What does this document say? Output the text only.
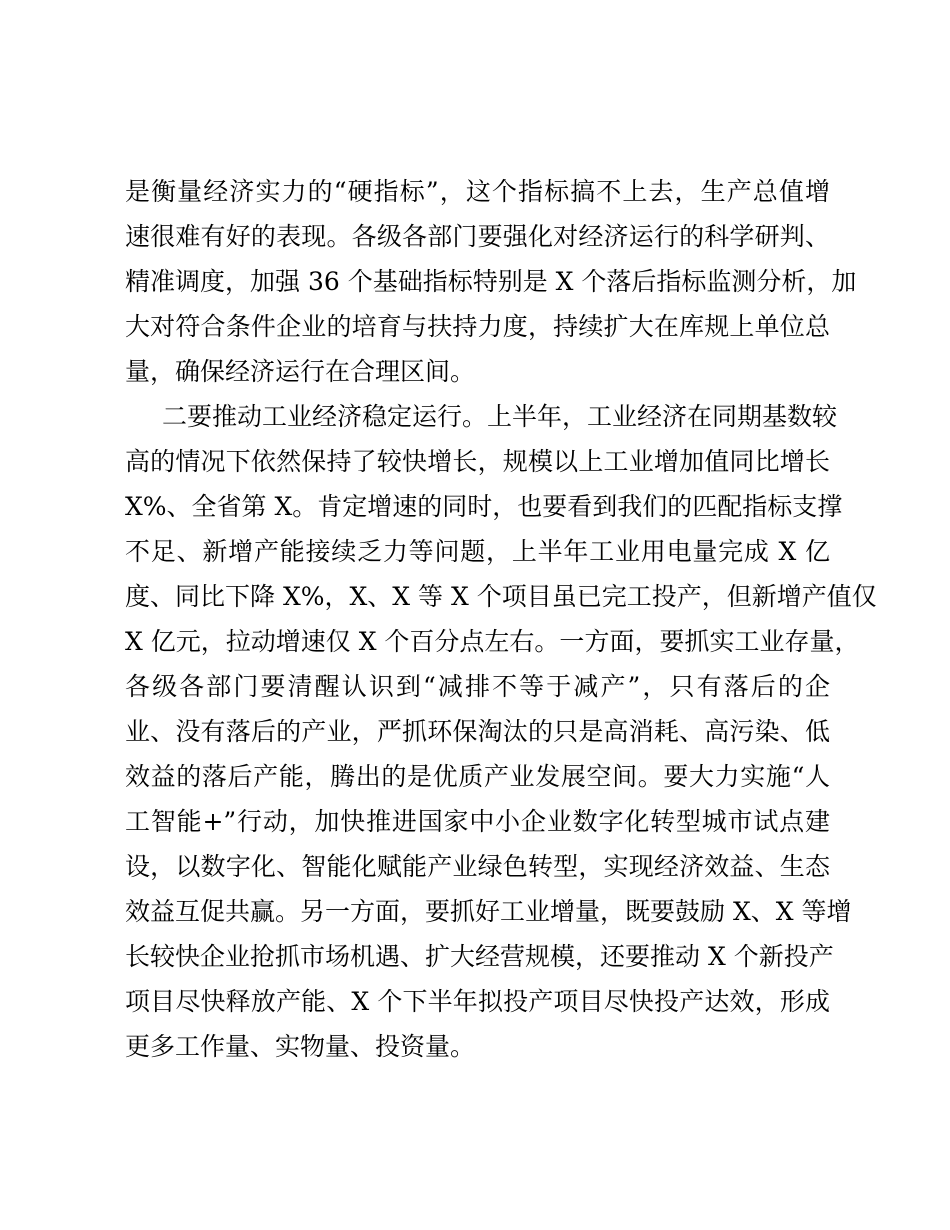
是衡量经济实力的“硬指标”，这个指标搞不上去，生产总值增
速很难有好的表现。各级各部门要强化对经济运行的科学研判、
精准调度，加强 36 个基础指标特别是 X 个落后指标监测分析，加
大对符合条件企业的培育与扶持力度，持续扩大在库规上单位总
量，确保经济运行在合理区间。
二要推动工业经济稳定运行。上半年，工业经济在同期基数较
高的情况下依然保持了较快增长，规模以上工业增加值同比增长
X%、全省第 X。肯定增速的同时，也要看到我们的匹配指标支撑
不足、新增产能接续乏力等问题，上半年工业用电量完成 X 亿
度、同比下降 X%，X、X 等 X 个项目虽已完工投产，但新增产值仅
X 亿元，拉动增速仅 X 个百分点左右。一方面，要抓实工业存量，
各级各部门要清醒认识到“减排不等于减产”，只有落后的企
业、没有落后的产业，严抓环保淘汰的只是高消耗、高污染、低
效益的落后产能，腾出的是优质产业发展空间。要大力实施“人
工智能+”行动，加快推进国家中小企业数字化转型城市试点建
设，以数字化、智能化赋能产业绿色转型，实现经济效益、生态
效益互促共赢。另一方面，要抓好工业增量，既要鼓励 X、X 等增
长较快企业抢抓市场机遇、扩大经营规模，还要推动 X 个新投产
项目尽快释放产能、X 个下半年拟投产项目尽快投产达效，形成
更多工作量、实物量、投资量。
